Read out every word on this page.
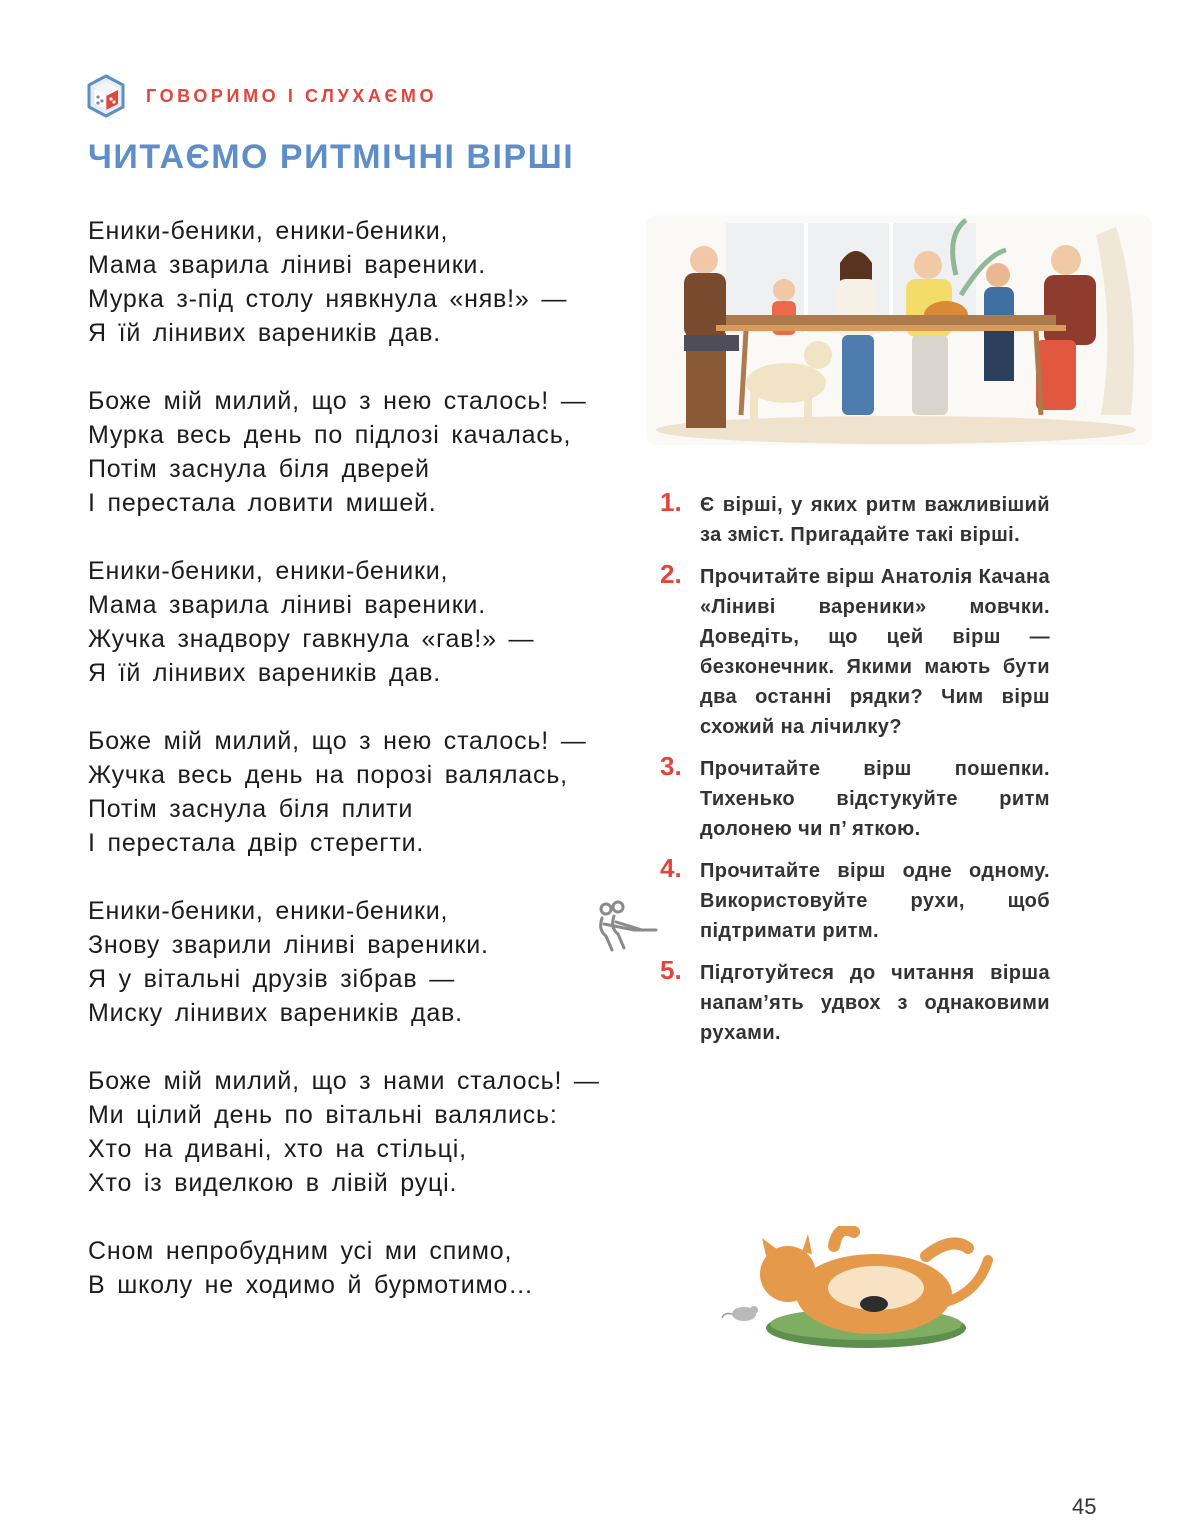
ГОВОРИМО І СЛУХАЄМО
ЧИТАЄМО РИТМІЧНІ ВІРШІ
Еники-беники, еники-беники,
Мама зварила ліниві вареники.
Мурка з-під столу нявкнула «няв!» —
Я їй лінивих вареників дав.
Боже мій милий, що з нею сталось! —
Мурка весь день по підлозі качалась,
Потім заснула біля дверей
І перестала ловити мишей.
Еники-беники, еники-беники,
Мама зварила ліниві вареники.
Жучка знадвору гавкнула «гав!» —
Я їй лінивих вареників дав.
Боже мій милий, що з нею сталось! —
Жучка весь день на порозі валялась,
Потім заснула біля плити
І перестала двір стерегти.
Еники-беники, еники-беники,
Знову зварили ліниві вареники.
Я у вітальні друзів зібрав —
Миску лінивих вареників дав.
Боже мій милий, що з нами сталось! —
Ми цілий день по вітальні валялись:
Хто на дивані, хто на стільці,
Хто із виделкою в лівій руці.
Сном непробудним усі ми спимо,
В школу не ходимо й бурмотимо…
1. Є вірші, у яких ритм важливіший за зміст. Пригадайте такі вірші.
2. Прочитайте вірш Анатолія Качана «Ліниві вареники» мовчки. Доведіть, що цей вірш — безконечник. Якими мають бути два останні рядки? Чим вірш схожий на лічилку?
3. Прочитайте вірш пошепки. Тихенько відстукуйте ритм долонею чи п’ яткою.
4. Прочитайте вірш одне одному. Використовуйте рухи, щоб підтримати ритм.
5. Підготуйтеся до читання вірша напам’ять удвох з однаковими рухами.
45
